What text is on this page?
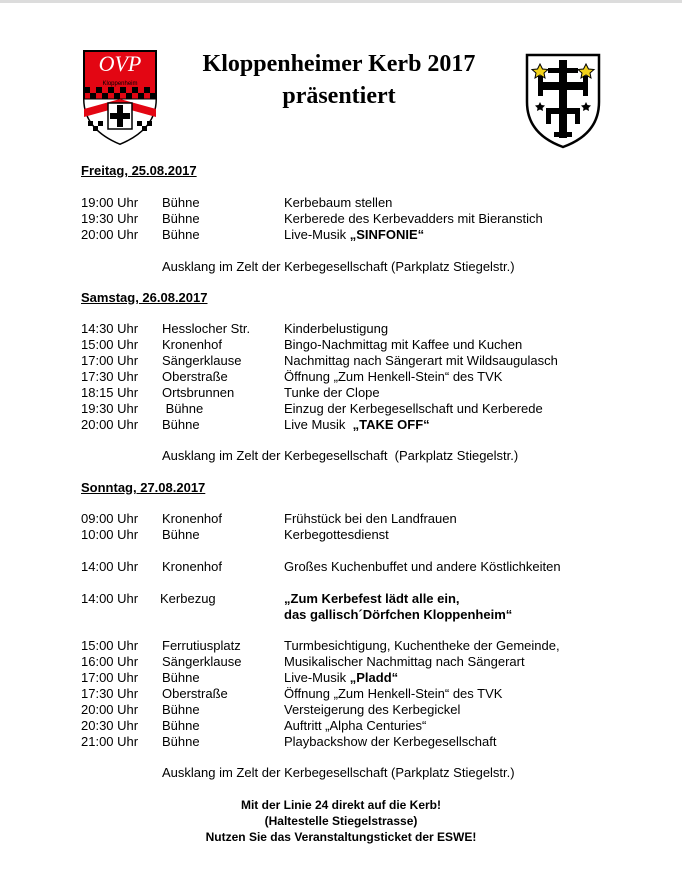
OVP
Kloppenheim
Kloppenheimer Kerb 2017
präsentiert
Freitag, 25.08.2017
19:00 Uhr Bühne	Kerbebaum stellen
19:30 Uhr Bühne	Kerberede des Kerbevadders mit Bieranstich
20:00 Uhr Bühne	Live-Musik „SINFONIE“
Ausklang im Zelt der Kerbegesellschaft (Parkplatz Stiegelstr.)
Samstag, 26.08.2017
14:30 Uhr Hesslocher Str.	Kinderbelustigung
15:00 Uhr Kronenhof	Bingo-Nachmittag mit Kaffee und Kuchen
17:00 Uhr Sängerklause	Nachmittag nach Sängerart mit Wildsaugulasch
17:30 Uhr Oberstraße	Öffnung „Zum Henkell-Stein“ des TVK
18:15 Uhr Ortsbrunnen	Tunke der Clope
19:30 Uhr Bühne	Einzug der Kerbegesellschaft und Kerberede
20:00 Uhr Bühne	Live Musik  „TAKE OFF“
Ausklang im Zelt der Kerbegesellschaft  (Parkplatz Stiegelstr.)
Sonntag, 27.08.2017
09:00 Uhr Kronenhof	Frühstück bei den Landfrauen
10:00 Uhr Bühne	Kerbegottesdienst
14:00 Uhr Kronenhof	Großes Kuchenbuffet und andere Köstlichkeiten
14:00 Uhr Kerbezug	„Zum Kerbefest lädt alle ein,
das gallisch´Dörfchen Kloppenheim“
15:00 Uhr Ferrutiusplatz	Turmbesichtigung, Kuchentheke der Gemeinde,
16:00 Uhr Sängerklause	Musikalischer Nachmittag nach Sängerart
17:00 Uhr Bühne	Live-Musik „Pladd“
17:30 Uhr Oberstraße	Öffnung „Zum Henkell-Stein“ des TVK
20:00 Uhr Bühne	Versteigerung des Kerbegickel
20:30 Uhr Bühne	Auftritt „Alpha Centuries“
21:00 Uhr Bühne	Playbackshow der Kerbegesellschaft
Ausklang im Zelt der Kerbegesellschaft (Parkplatz Stiegelstr.)
Mit der Linie 24 direkt auf die Kerb!
(Haltestelle Stiegelstrasse)
Nutzen Sie das Veranstaltungsticket der ESWE!
